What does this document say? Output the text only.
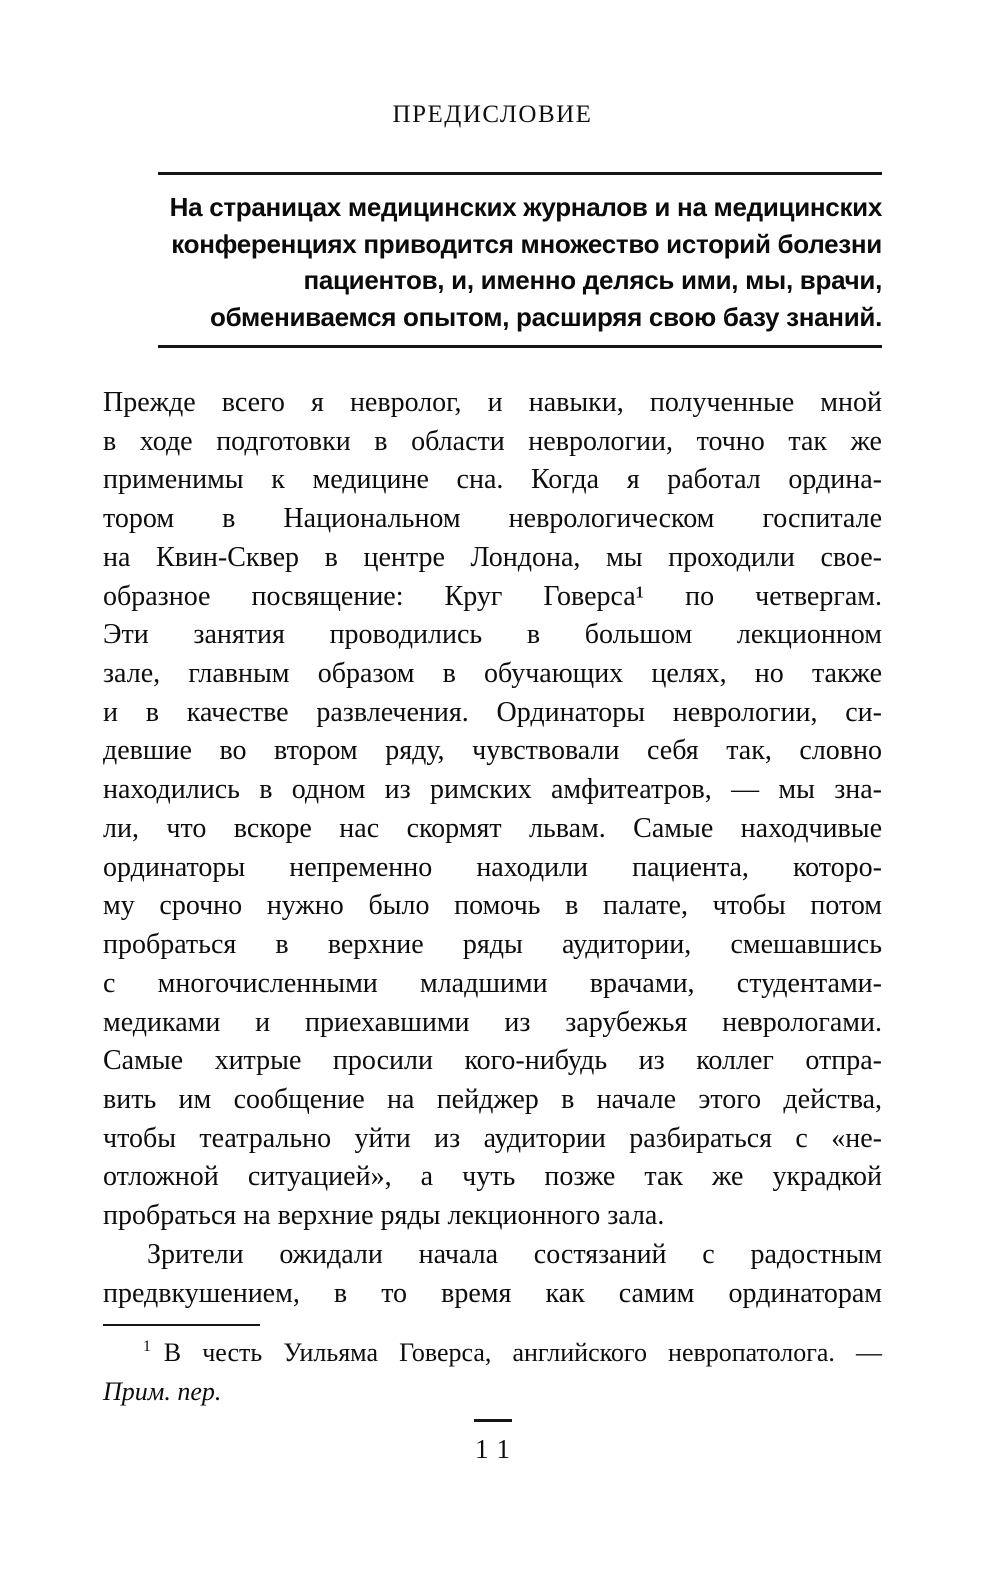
ПРЕДИСЛОВИЕ
На страницах медицинских журналов и на медицинских
конференциях приводится множество историй болезни
пациентов, и, именно делясь ими, мы, врачи,
обмениваемся опытом, расширяя свою базу знаний.
Прежде всего я невролог, и навыки, полученные мной
в ходе подготовки в области неврологии, точно так же
применимы к медицине сна. Когда я работал ордина-
тором в Национальном неврологическом госпитале
на Квин-Сквер в центре Лондона, мы проходили свое-
образное посвящение: Круг Говерса¹ по четвергам.
Эти занятия проводились в большом лекционном
зале, главным образом в обучающих целях, но также
и в качестве развлечения. Ординаторы неврологии, си-
девшие во втором ряду, чувствовали себя так, словно
находились в одном из римских амфитеатров, — мы зна-
ли, что вскоре нас скормят львам. Самые находчивые
ординаторы непременно находили пациента, которо-
му срочно нужно было помочь в палате, чтобы потом
пробраться в верхние ряды аудитории, смешавшись
с многочисленными младшими врачами, студентами-
медиками и приехавшими из зарубежья неврологами.
Самые хитрые просили кого-нибудь из коллег отпра-
вить им сообщение на пейджер в начале этого действа,
чтобы театрально уйти из аудитории разбираться с «не-
отложной ситуацией», а чуть позже так же украдкой
пробраться на верхние ряды лекционного зала.
Зрители ожидали начала состязаний с радостным
предвкушением, в то время как самим ординаторам
$^1$ В честь Уильяма Говерса, английского невропатолога. —
Прим. пер.
11
